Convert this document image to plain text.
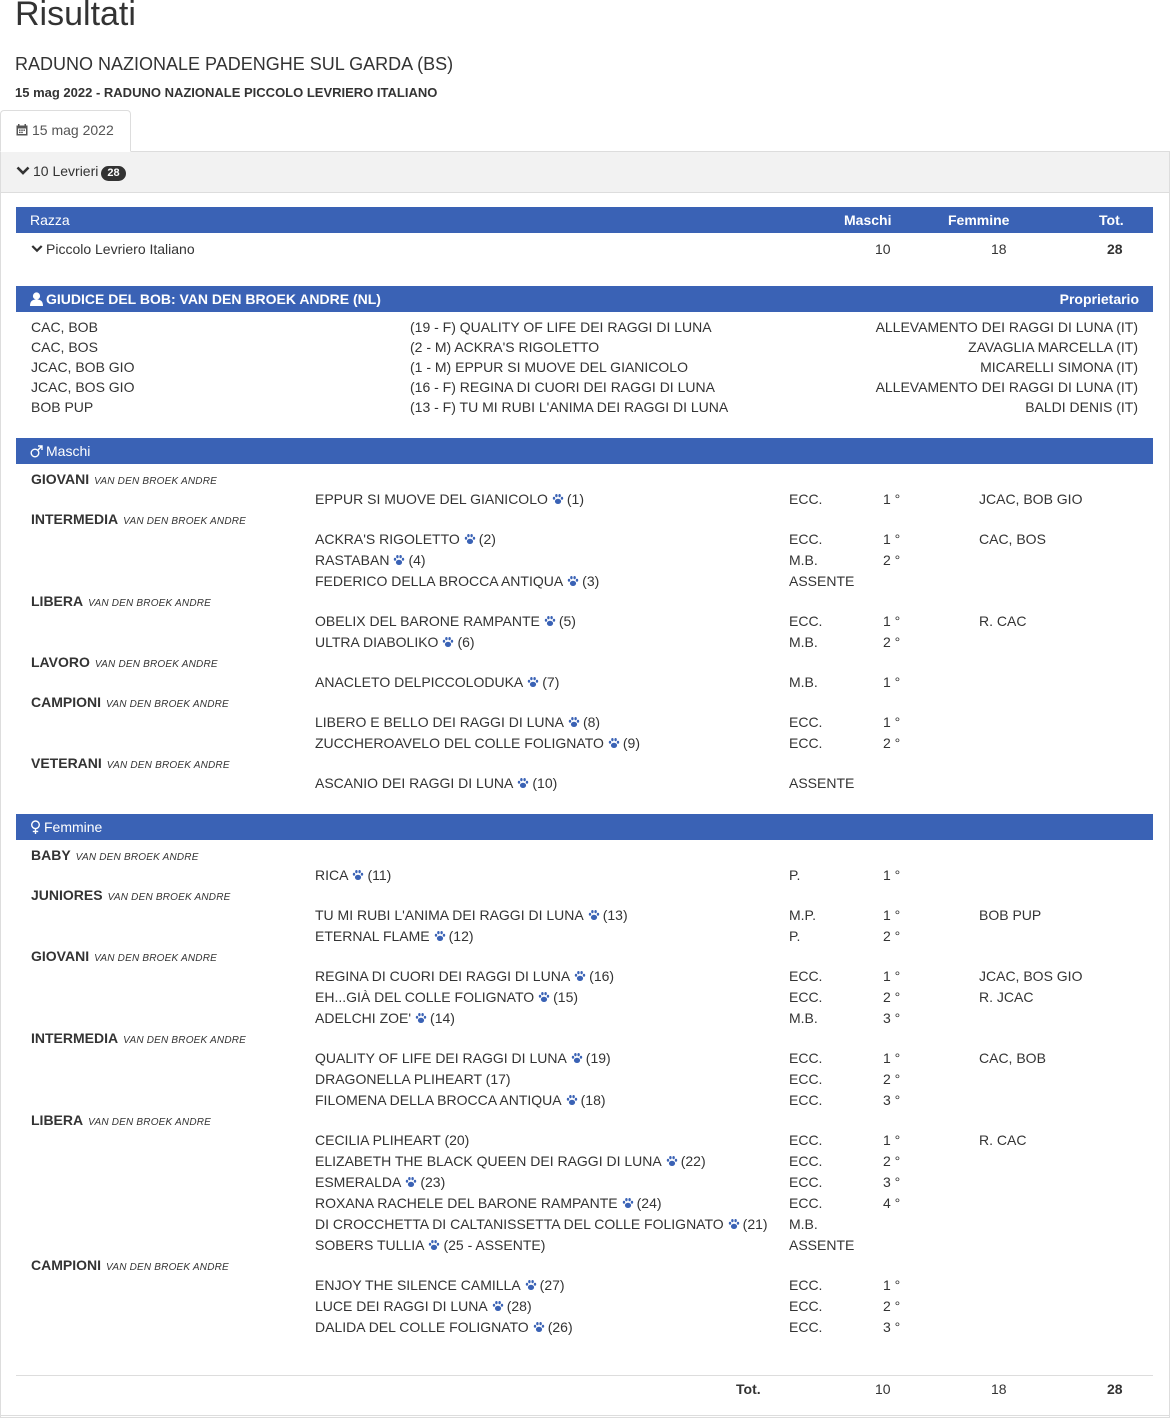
Risultati
RADUNO NAZIONALE PADENGHE SUL GARDA (BS)
15 mag 2022 - RADUNO NAZIONALE PICCOLO LEVRIERO ITALIANO
15 mag 2022
10 Levrieri 28
Razza	Maschi	Femmine	Tot.
Piccolo Levriero Italiano	10	18	28
GIUDICE DEL BOB: VAN DEN BROEK ANDRE (NL)	Proprietario
CAC, BOB	(19 - F) QUALITY OF LIFE DEI RAGGI DI LUNA	ALLEVAMENTO DEI RAGGI DI LUNA (IT)
CAC, BOS	(2 - M) ACKRA'S RIGOLETTO	ZAVAGLIA MARCELLA (IT)
JCAC, BOB GIO	(1 - M) EPPUR SI MUOVE DEL GIANICOLO	MICARELLI SIMONA (IT)
JCAC, BOS GIO	(16 - F) REGINA DI CUORI DEI RAGGI DI LUNA	ALLEVAMENTO DEI RAGGI DI LUNA (IT)
BOB PUP	(13 - F) TU MI RUBI L'ANIMA DEI RAGGI DI LUNA	BALDI DENIS (IT)
Maschi
GIOVANI VAN DEN BROEK ANDRE
EPPUR SI MUOVE DEL GIANICOLO (1)	ECC.	1 °	JCAC, BOB GIO
INTERMEDIA VAN DEN BROEK ANDRE
ACKRA'S RIGOLETTO (2)	ECC.	1 °	CAC, BOS
RASTABAN (4)	M.B.	2 °
FEDERICO DELLA BROCCA ANTIQUA (3)	ASSENTE
LIBERA VAN DEN BROEK ANDRE
OBELIX DEL BARONE RAMPANTE (5)	ECC.	1 °	R. CAC
ULTRA DIABOLIKO (6)	M.B.	2 °
LAVORO VAN DEN BROEK ANDRE
ANACLETO DELPICCOLODUKA (7)	M.B.	1 °
CAMPIONI VAN DEN BROEK ANDRE
LIBERO E BELLO DEI RAGGI DI LUNA (8)	ECC.	1 °
ZUCCHEROAVELO DEL COLLE FOLIGNATO (9)	ECC.	2 °
VETERANI VAN DEN BROEK ANDRE
ASCANIO DEI RAGGI DI LUNA (10)	ASSENTE
Femmine
BABY VAN DEN BROEK ANDRE
RICA (11)	P.	1 °
JUNIORES VAN DEN BROEK ANDRE
TU MI RUBI L'ANIMA DEI RAGGI DI LUNA (13)	M.P.	1 °	BOB PUP
ETERNAL FLAME (12)	P.	2 °
GIOVANI VAN DEN BROEK ANDRE
REGINA DI CUORI DEI RAGGI DI LUNA (16)	ECC.	1 °	JCAC, BOS GIO
EH...GIÀ DEL COLLE FOLIGNATO (15)	ECC.	2 °	R. JCAC
ADELCHI ZOE' (14)	M.B.	3 °
INTERMEDIA VAN DEN BROEK ANDRE
QUALITY OF LIFE DEI RAGGI DI LUNA (19)	ECC.	1 °	CAC, BOB
DRAGONELLA PLIHEART (17)	ECC.	2 °
FILOMENA DELLA BROCCA ANTIQUA (18)	ECC.	3 °
LIBERA VAN DEN BROEK ANDRE
CECILIA PLIHEART (20)	ECC.	1 °	R. CAC
ELIZABETH THE BLACK QUEEN DEI RAGGI DI LUNA (22)	ECC.	2 °
ESMERALDA (23)	ECC.	3 °
ROXANA RACHELE DEL BARONE RAMPANTE (24)	ECC.	4 °
DI CROCCHETTA DI CALTANISSETTA DEL COLLE FOLIGNATO (21) M.B.
SOBERS TULLIA (25 - ASSENTE)	ASSENTE
CAMPIONI VAN DEN BROEK ANDRE
ENJOY THE SILENCE CAMILLA (27)	ECC.	1 °
LUCE DEI RAGGI DI LUNA (28)	ECC.	2 °
DALIDA DEL COLLE FOLIGNATO (26)	ECC.	3 °
Tot.	10	18	28
